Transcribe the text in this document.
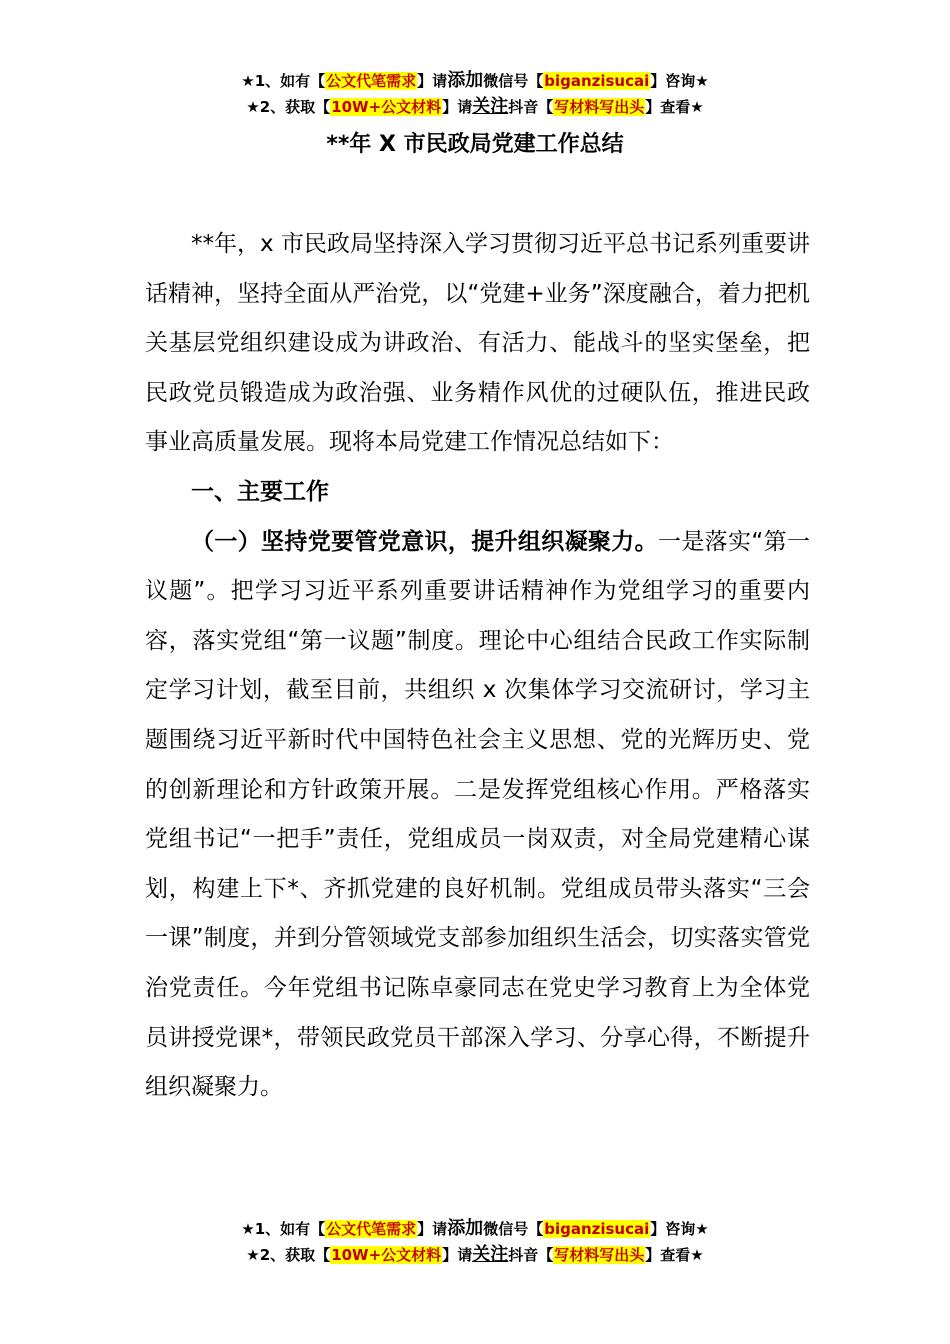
★1、如有【公文代笔需求】请添加微信号【biganzisucai】咨询★
★2、获取【10W+公文材料】请关注抖音【写材料写出头】查看★
**年 X 市民政局党建工作总结

**年，x 市民政局坚持深入学习贯彻习近平总书记系列重要讲话精神，坚持全面从严治党，以“党建+业务”深度融合，着力把机关基层党组织建设成为讲政治、有活力、能战斗的坚实堡垒，把民政党员锻造成为政治强、业务精作风优的过硬队伍，推进民政事业高质量发展。现将本局党建工作情况总结如下：

一、主要工作

（一）坚持党要管党意识，提升组织凝聚力。一是落实“第一议题”。把学习习近平系列重要讲话精神作为党组学习的重要内容，落实党组“第一议题”制度。理论中心组结合民政工作实际制定学习计划，截至目前，共组织 x 次集体学习交流研讨，学习主题围绕习近平新时代中国特色社会主义思想、党的光辉历史、党的创新理论和方针政策开展。二是发挥党组核心作用。严格落实党组书记“一把手”责任，党组成员一岗双责，对全局党建精心谋划，构建上下*、齐抓党建的良好机制。党组成员带头落实“三会一课”制度，并到分管领域党支部参加组织生活会，切实落实管党治党责任。今年党组书记陈卓豪同志在党史学习教育上为全体党员讲授党课*，带领民政党员干部深入学习、分享心得，不断提升组织凝聚力。

★1、如有【公文代笔需求】请添加微信号【biganzisucai】咨询★
★2、获取【10W+公文材料】请关注抖音【写材料写出头】查看★
